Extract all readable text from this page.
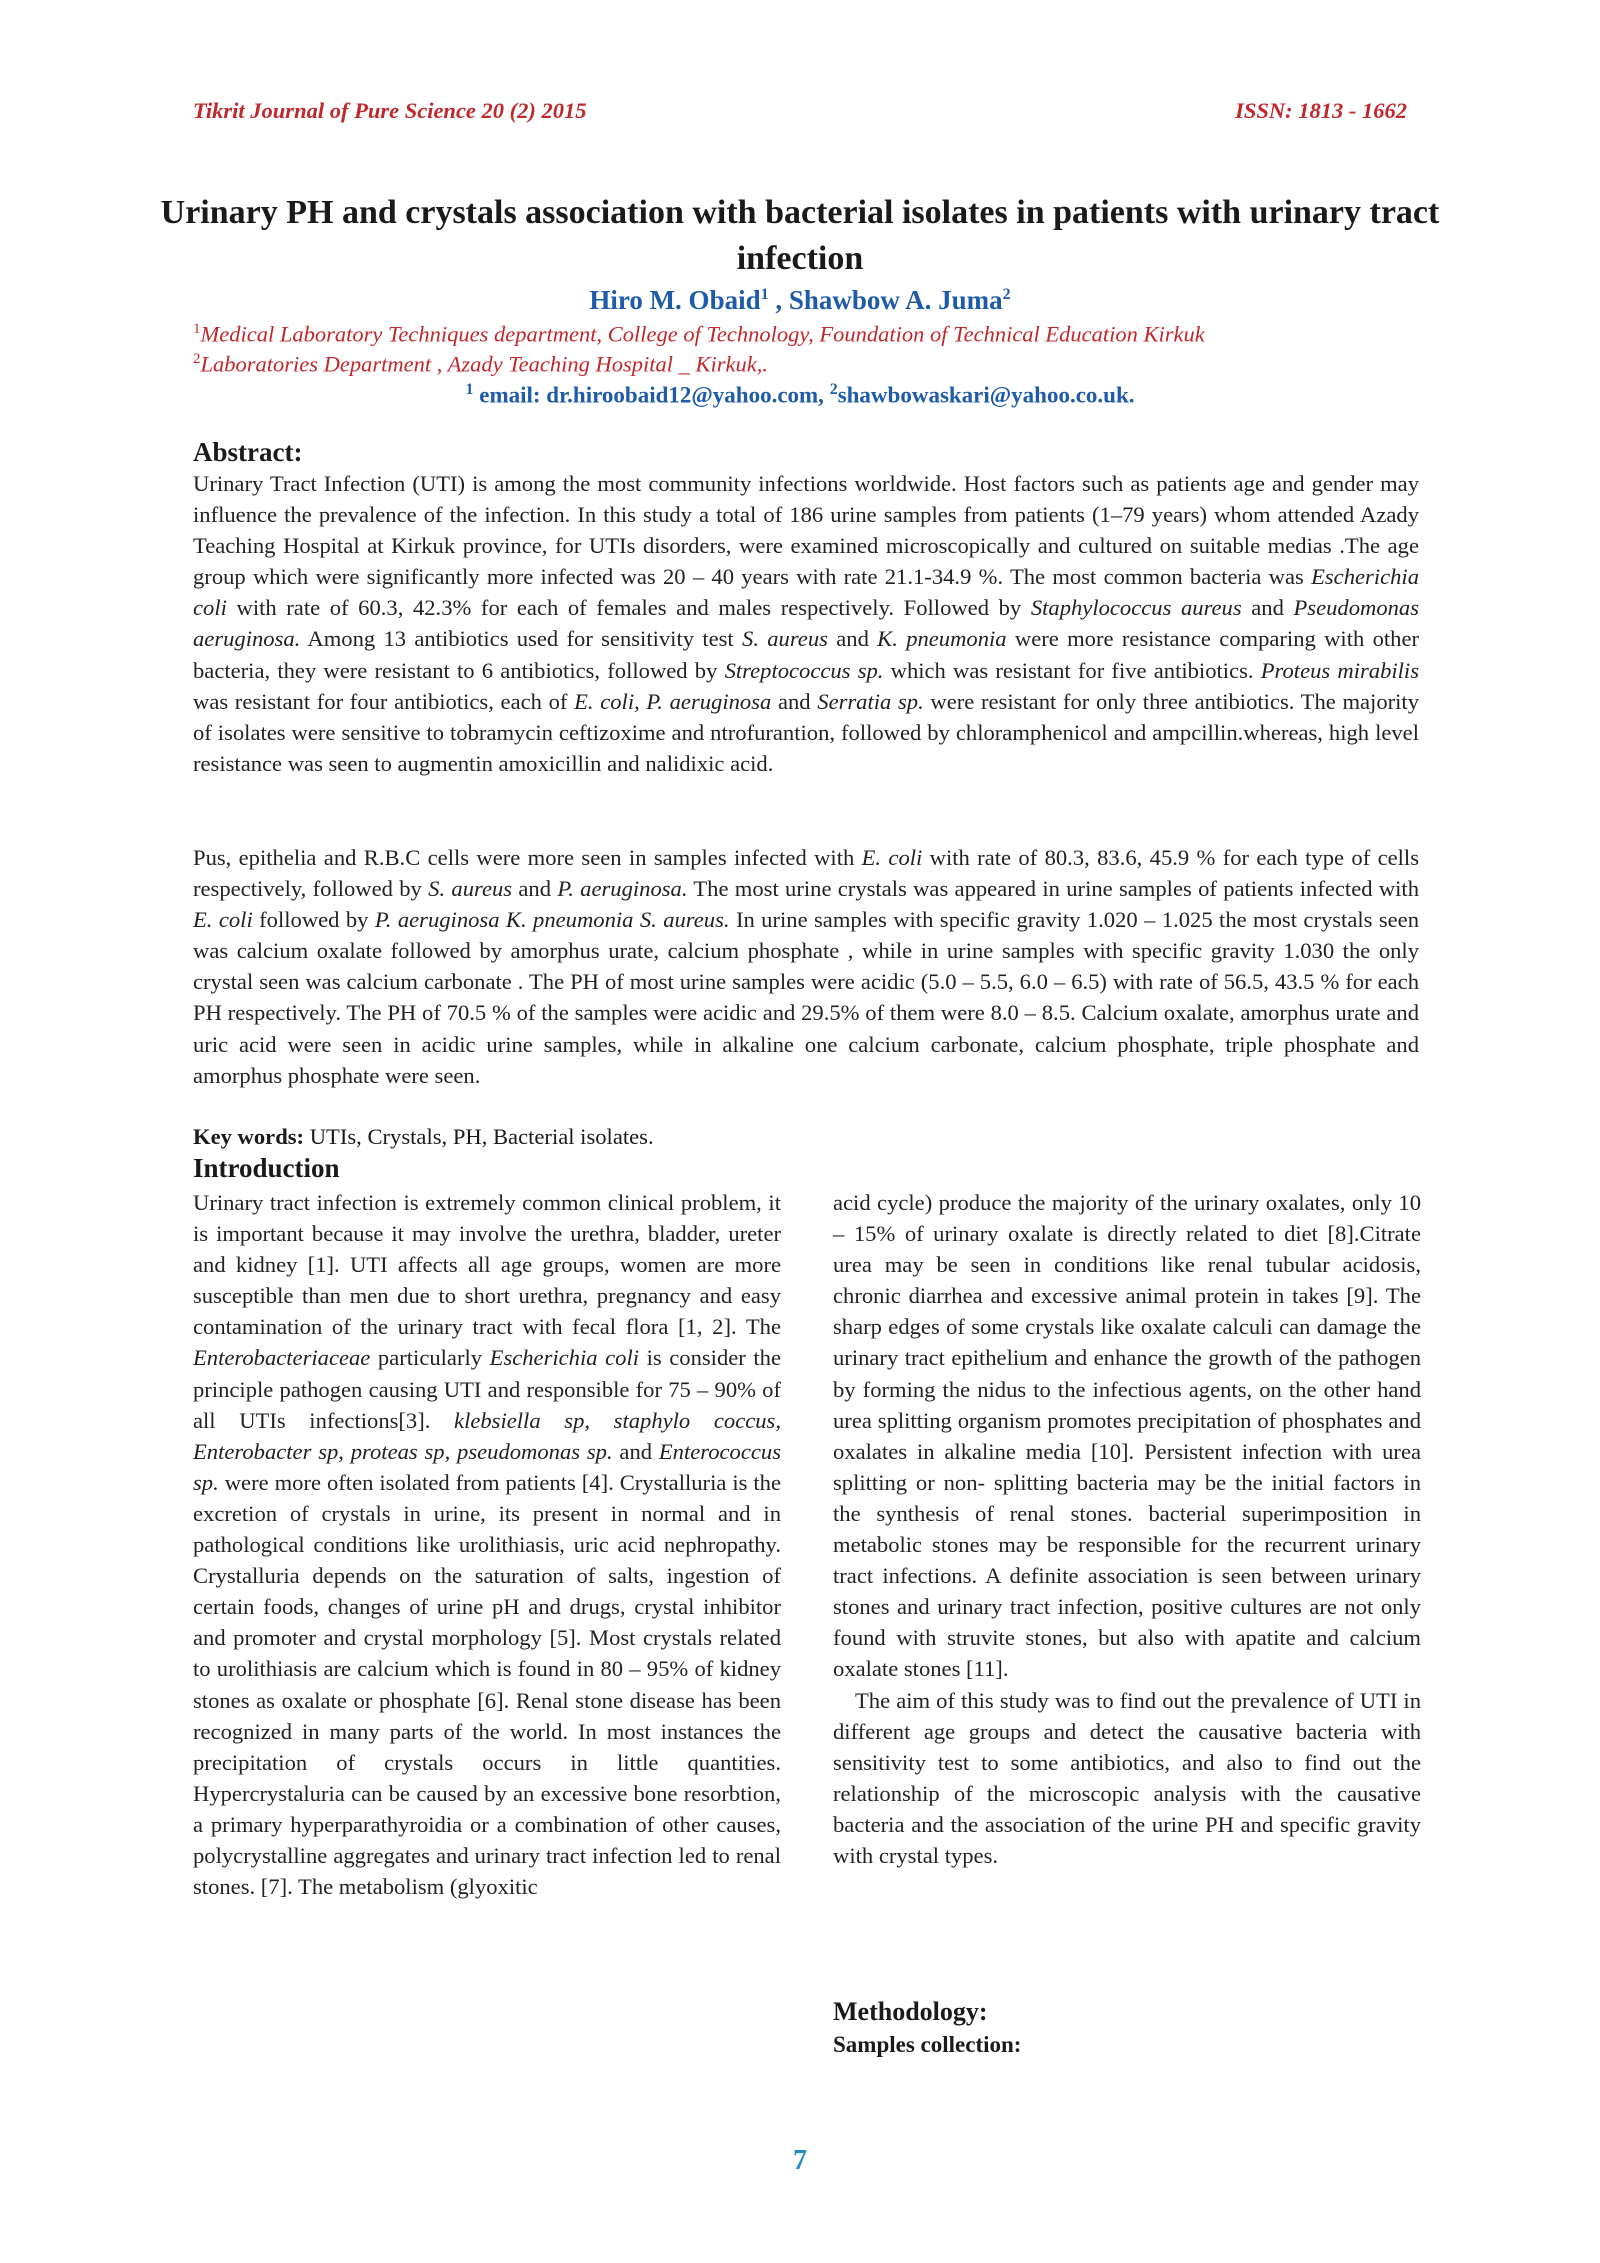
Tikrit Journal of Pure Science 20 (2) 2015	ISSN: 1813 - 1662
Urinary PH and crystals association with bacterial isolates in patients with urinary tract infection
Hiro M. Obaid$^1$ , Shawbow A. Juma$^2$
$^1$Medical Laboratory Techniques department, College of Technology, Foundation of Technical Education Kirkuk
$^2$Laboratories Department , Azady Teaching Hospital _ Kirkuk,.
$^1$ email: dr.hiroobaid12@yahoo.com, $^2$shawbowaskari@yahoo.co.uk.
Abstract:

Urinary Tract Infection (UTI) is among the most community infections worldwide. Host factors such as patients age and gender may influence the prevalence of the infection. In this study a total of 186 urine samples from patients (1–79 years) whom attended Azady Teaching Hospital at Kirkuk province, for UTIs disorders, were examined microscopically and cultured on suitable medias .The age group which were significantly more infected was 20 – 40 years with rate 21.1-34.9 %. The most common bacteria was Escherichia coli with rate of 60.3, 42.3% for each of females and males respectively. Followed by Staphylococcus aureus and Pseudomonas aeruginosa. Among 13 antibiotics used for sensitivity test S. aureus and K. pneumonia were more resistance comparing with other bacteria, they were resistant to 6 antibiotics, followed by Streptococcus sp. which was resistant for five antibiotics. Proteus mirabilis was resistant for four antibiotics, each of E. coli, P. aeruginosa and Serratia sp. were resistant for only three antibiotics. The majority of isolates were sensitive to tobramycin ceftizoxime and ntrofurantion, followed by chloramphenicol and ampcillin.whereas, high level resistance was seen to augmentin amoxicillin and nalidixic acid.

Pus, epithelia and R.B.C cells were more seen in samples infected with E. coli with rate of 80.3, 83.6, 45.9 % for each type of cells respectively, followed by S. aureus and P. aeruginosa. The most urine crystals was appeared in urine samples of patients infected with E. coli followed by P. aeruginosa K. pneumonia S. aureus. In urine samples with specific gravity 1.020 – 1.025 the most crystals seen was calcium oxalate followed by amorphus urate, calcium phosphate , while in urine samples with specific gravity 1.030 the only crystal seen was calcium carbonate . The PH of most urine samples were acidic (5.0 – 5.5, 6.0 – 6.5) with rate of 56.5, 43.5 % for each PH respectively. The PH of 70.5 % of the samples were acidic and 29.5% of them were 8.0 – 8.5. Calcium oxalate, amorphus urate and uric acid were seen in acidic urine samples, while in alkaline one calcium carbonate, calcium phosphate, triple phosphate and amorphus phosphate were seen.

Key words: UTIs, Crystals, PH, Bacterial isolates.
Introduction

Urinary tract infection is extremely common clinical problem, it is important because it may involve the urethra, bladder, ureter and kidney [1]. UTI affects all age groups, women are more susceptible than men due to short urethra, pregnancy and easy contamination of the urinary tract with fecal flora [1, 2]. The Enterobacteriaceae particularly Escherichia coli is consider the principle pathogen causing UTI and responsible for 75 – 90% of all UTIs infections[3]. klebsiella sp, staphylo coccus, Enterobacter sp, proteas sp, pseudomonas sp. and Enterococcus sp. were more often isolated from patients [4]. Crystalluria is the excretion of crystals in urine, its present in normal and in pathological conditions like urolithiasis, uric acid nephropathy. Crystalluria depends on the saturation of salts, ingestion of certain foods, changes of urine pH and drugs, crystal inhibitor and promoter and crystal morphology [5]. Most crystals related to urolithiasis are calcium which is found in 80 – 95% of kidney stones as oxalate or phosphate [6]. Renal stone disease has been recognized in many parts of the world. In most instances the precipitation of crystals occurs in little quantities. Hypercrystaluria can be caused by an excessive bone resorbtion, a primary hyperparathyroidia or a combination of other causes, polycrystalline aggregates and urinary tract infection led to renal stones. [7]. The metabolism (glyoxitic

acid cycle) produce the majority of the urinary oxalates, only 10 – 15% of urinary oxalate is directly related to diet [8].Citrate urea may be seen in conditions like renal tubular acidosis, chronic diarrhea and excessive animal protein in takes [9]. The sharp edges of some crystals like oxalate calculi can damage the urinary tract epithelium and enhance the growth of the pathogen by forming the nidus to the infectious agents, on the other hand urea splitting organism promotes precipitation of phosphates and oxalates in alkaline media [10]. Persistent infection with urea splitting or non- splitting bacteria may be the initial factors in the synthesis of renal stones. bacterial superimposition in metabolic stones may be responsible for the recurrent urinary tract infections. A definite association is seen between urinary stones and urinary tract infection, positive cultures are not only found with struvite stones, but also with apatite and calcium oxalate stones [11].

The aim of this study was to find out the prevalence of UTI in different age groups and detect the causative bacteria with sensitivity test to some antibiotics, and also to find out the relationship of the microscopic analysis with the causative bacteria and the association of the urine PH and specific gravity with crystal types.

Methodology:
Samples collection:
7
